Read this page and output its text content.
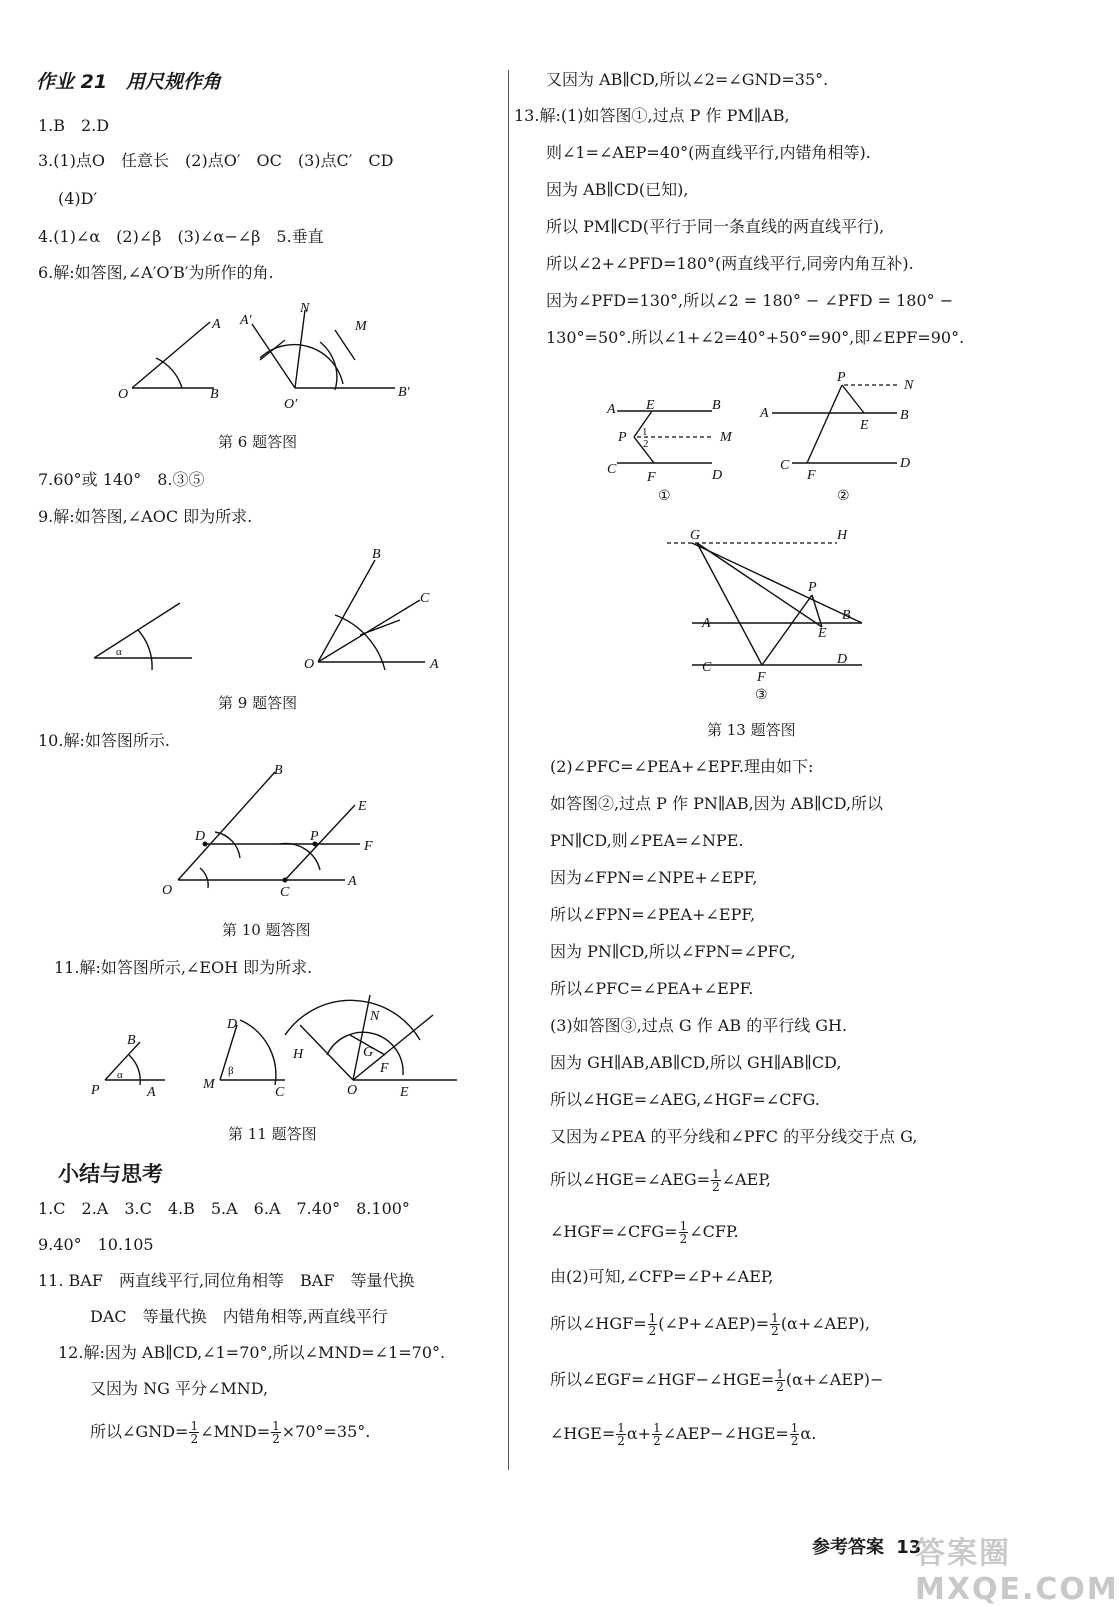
作业 21　用尺规作角
1.B　2.D
3.(1)点O　任意长　(2)点O′　OC　(3)点C′　CD
(4)D′
4.(1)∠α　(2)∠β　(3)∠α−∠β　5.垂直
6.解:如答图,∠A′O′B′为所作的角.
O	B
A
O′
B′
A′
N
M
第 6 题答图
7.60°或 140°　8.③⑤
9.解:如答图,∠AOC 即为所求.
α
O	A
B
C
第 9 题答图
10.解:如答图所示.
O
D
B
C
A
P
E
F
第 10 题答图
11.解:如答图所示,∠EOH 即为所求.
P	A
B
α
M
C
D
β
O	E
H
N
G
F
第 11 题答图
小结与思考
1.C　2.A　3.C　4.B　5.A　6.A　7.40°　8.100°
9.40°　10.105
11. BAF　两直线平行,同位角相等　BAF　等量代换
DAC　等量代换　内错角相等,两直线平行
12.解:因为 AB∥CD,∠1=70°,所以∠MND=∠1=70°.
又因为 NG 平分∠MND,
所以∠GND= $\frac{1}{2}$ ∠MND= $\frac{1}{2} \times 70^\circ=35^\circ$.
又因为 AB∥CD,所以∠2=∠GND=35°.
13.解:(1)如答图①,过点 P 作 PM∥AB,
则∠1=∠AEP=40°(两直线平行,内错角相等).
因为 AB∥CD(已知),
所以 PM∥CD(平行于同一条直线的两直线平行),
所以∠2+∠PFD=180°(两直线平行,同旁内角互补).
因为∠PFD=130°,所以∠2 = 180° − ∠PFD = 180° −
130°=50°.所以∠1+∠2=40°+50°=90°,即∠EPF=90°.
A E	B
P	M
C
F	D
1
2
①
A	B
P
N
E
C
F
D
②
G	H
P
B
A
E
C
F
D
③
第 13 题答图
(2)∠PFC=∠PEA+∠EPF.理由如下:
如答图②,过点 P 作 PN∥AB,因为 AB∥CD,所以
PN∥CD,则∠PEA=∠NPE.
因为∠FPN=∠NPE+∠EPF,
所以∠FPN=∠PEA+∠EPF,
因为 PN∥CD,所以∠FPN=∠PFC,
所以∠PFC=∠PEA+∠EPF.
(3)如答图③,过点 G 作 AB 的平行线 GH.
因为 GH∥AB,AB∥CD,所以 GH∥AB∥CD,
所以∠HGE=∠AEG,∠HGF=∠CFG.
又因为∠PEA 的平分线和∠PFC 的平分线交于点 G,
所以∠HGE=∠AEG= $\frac{1}{2}$ ∠AEP,
∠HGF=∠CFG= $\frac{1}{2}$ ∠CFP.
由(2)可知,∠CFP=∠P+∠AEP,
所以∠HGF= $\frac{1}{2}$ (∠P+∠AEP)= $\frac{1}{2}$ (α+∠AEP),
所以∠EGF=∠HGF−∠HGE= $\frac{1}{2}$ (α+∠AEP)−
∠HGE= $\frac{1}{2} \alpha+ \frac{1}{2}$ ∠AEP−∠HGE= $\frac{1}{2} \alpha$.
参考答案 13
答案圈 MXQE.COM
